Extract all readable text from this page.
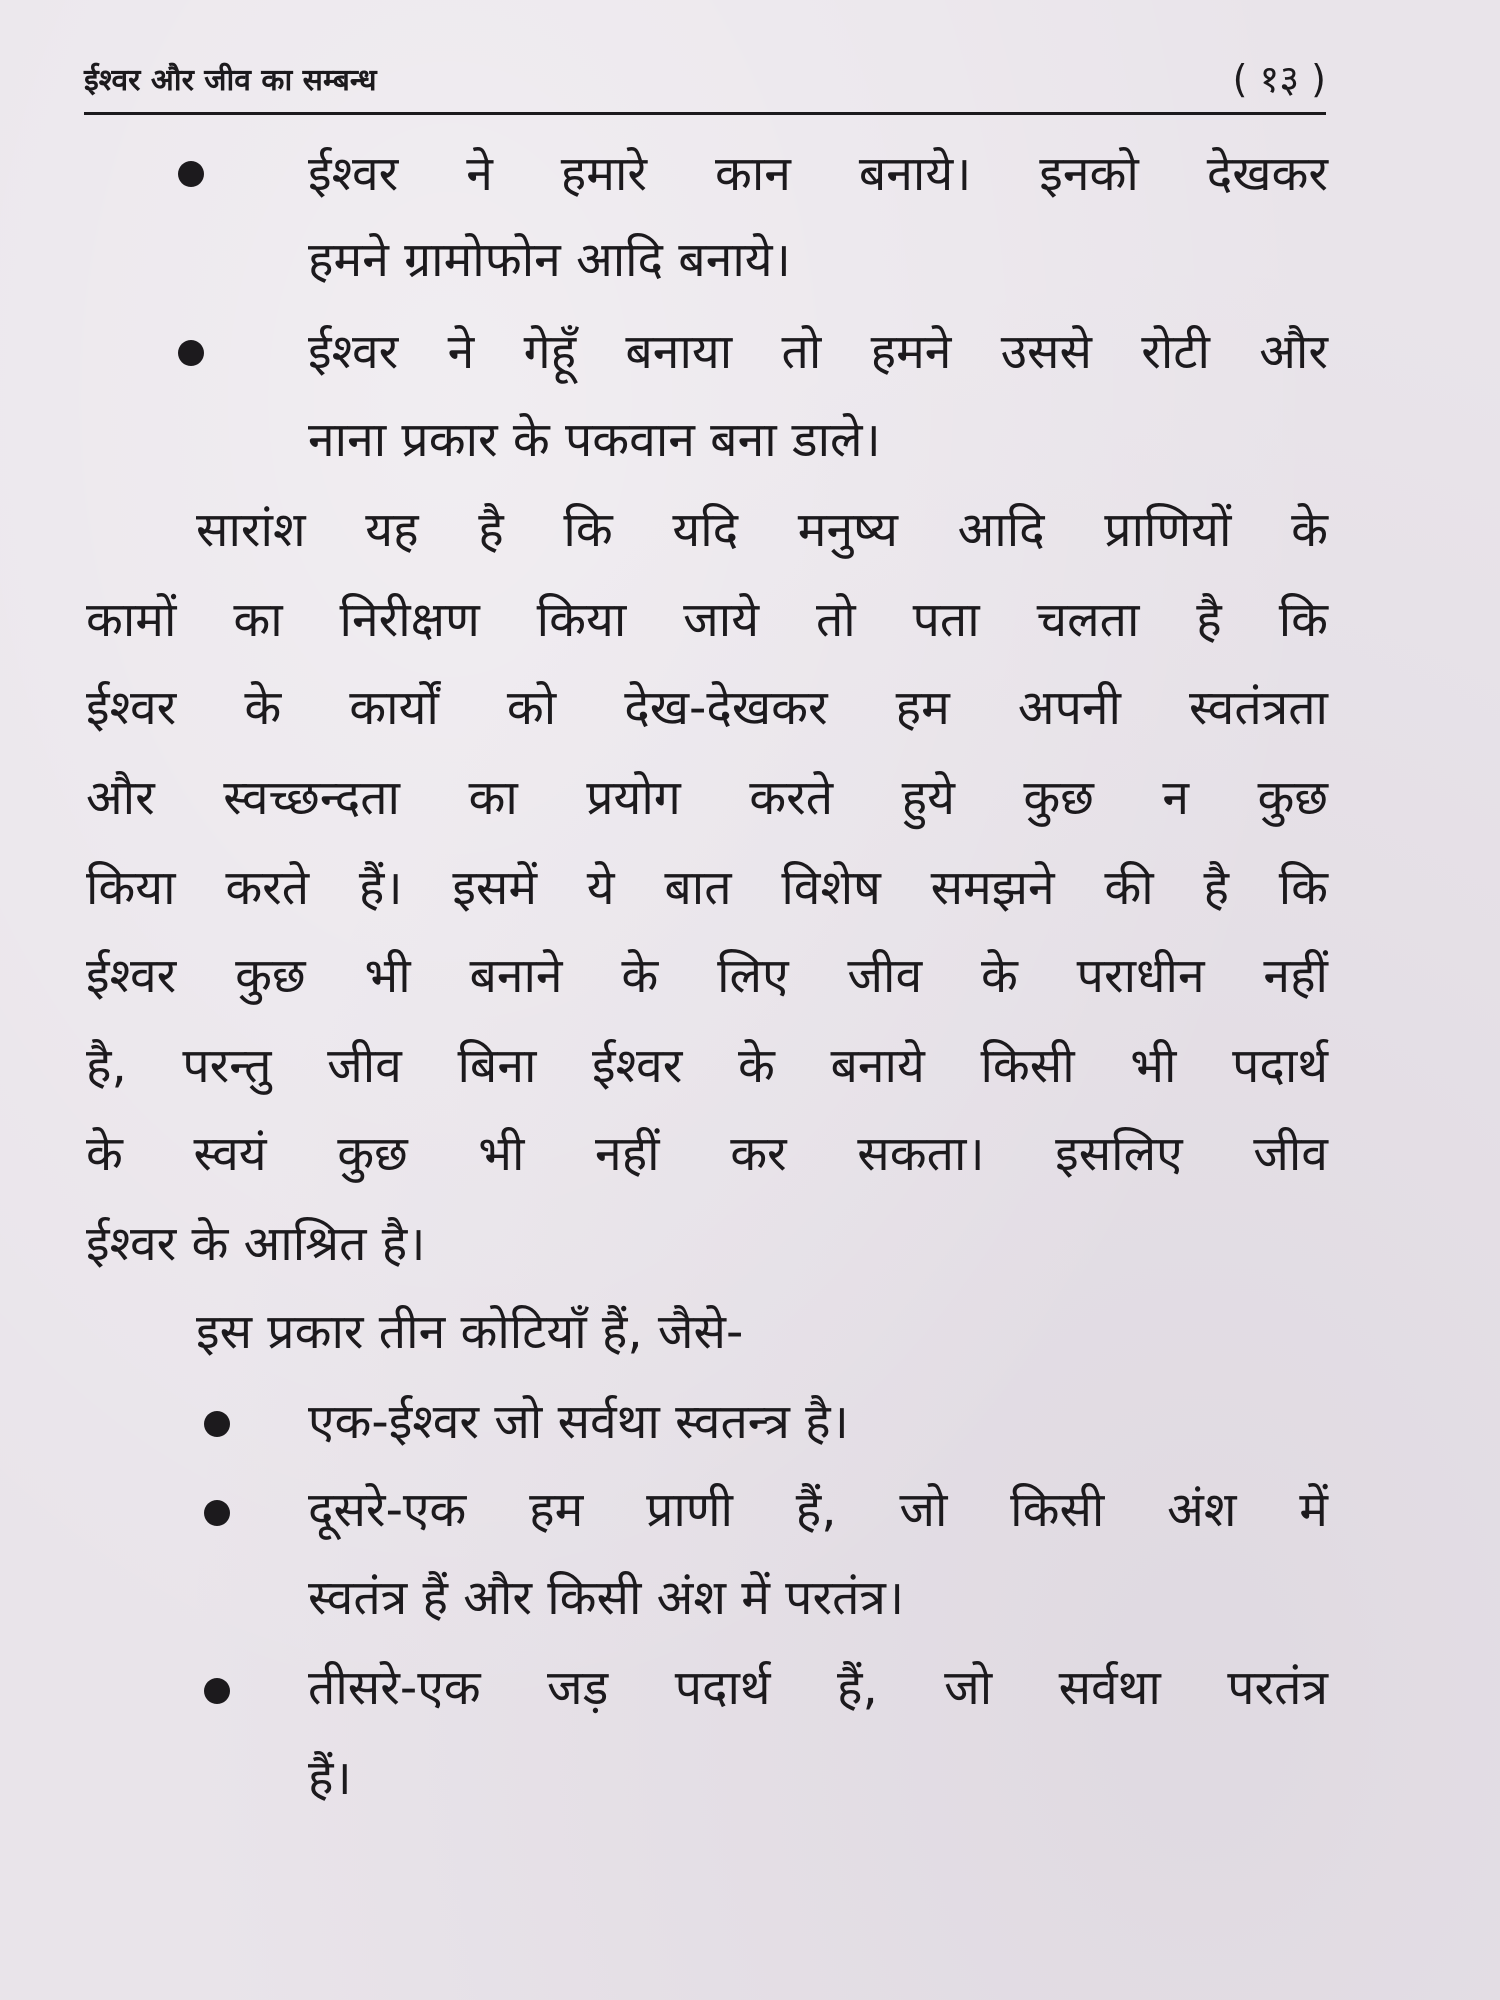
ईश्वर और जीव का सम्बन्ध	( १३ )
ईश्वर ने हमारे कान बनाये। इनको देखकर
हमने ग्रामोफोन आदि बनाये।
ईश्वर ने गेहूँ बनाया तो हमने उससे रोटी और
नाना प्रकार के पकवान बना डाले।
सारांश यह है कि यदि मनुष्य आदि प्राणियों के
कामों का निरीक्षण किया जाये तो पता चलता है कि
ईश्वर के कार्यों को देख-देखकर हम अपनी स्वतंत्रता
और स्वच्छन्दता का प्रयोग करते हुये कुछ न कुछ
किया करते हैं। इसमें ये बात विशेष समझने की है कि
ईश्वर कुछ भी बनाने के लिए जीव के पराधीन नहीं
है, परन्तु जीव बिना ईश्वर के बनाये किसी भी पदार्थ
के स्वयं कुछ भी नहीं कर सकता। इसलिए जीव
ईश्वर के आश्रित है।
इस प्रकार तीन कोटियाँ हैं, जैसे-
एक-ईश्वर जो सर्वथा स्वतन्त्र है।
दूसरे-एक हम प्राणी हैं, जो किसी अंश में
स्वतंत्र हैं और किसी अंश में परतंत्र।
तीसरे-एक जड़ पदार्थ हैं, जो सर्वथा परतंत्र
हैं।
